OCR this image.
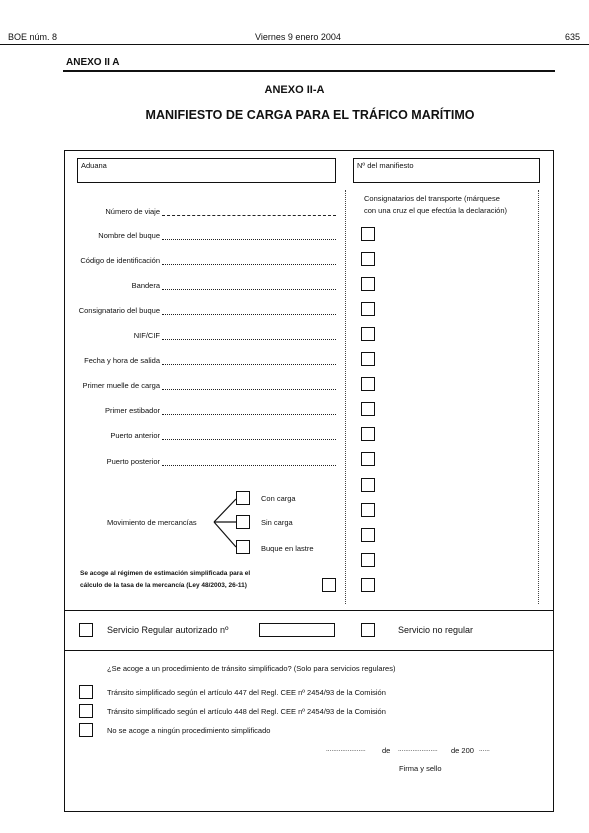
BOE núm. 8	Viernes 9 enero 2004	635
ANEXO II A
ANEXO II-A
MANIFIESTO DE CARGA PARA EL TRÁFICO MARÍTIMO
Aduana	Nº del manifiesto
Consignatarios del transporte (márquese
con una cruz el que efectúa la declaración)
Número de viaje
Nombre del buque
Código de identificación
Bandera
Consignatario del buque
NIF/CIF
Fecha y hora de salida
Primer muelle de carga
Primer estibador
Puerto anterior
Puerto posterior
Movimiento de mercancías
Con carga
Sin carga
Buque en lastre
Se acoge al régimen de estimación simplificada para el
cálculo de la tasa de la mercancía (Ley 48/2003, 26-11)
Servicio Regular autorizado nº	Servicio no regular
¿Se acoge a un procedimiento de tránsito simplificado? (Solo para servicios regulares)
Tránsito simplificado según el artículo 447 del Regl. CEE nº 2454/93 de la Comisión
Tránsito simplificado según el artículo 448 del Regl. CEE nº 2454/93 de la Comisión
No se acoge a ningún procedimiento simplificado
...................... de ...................... de 200 ......
Firma y sello
